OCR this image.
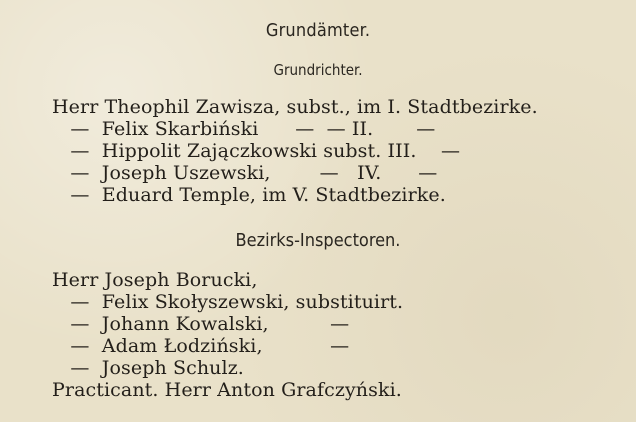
Grundämter.
Grundrichter.
Herr Theophil Zawisza, subst., im I. Stadtbezirke.
—  Felix Skarbiński      —  — II.       —
—  Hippolit Zajączkowski subst. III.    —
—  Joseph Uszewski,        —   IV.      —
—  Eduard Temple, im V. Stadtbezirke.
Bezirks-Inspectoren.
Herr Joseph Borucki,
—  Felix Skołyszewski, substituirt.
—  Johann Kowalski,          —
—  Adam Łodziński,           —
—  Joseph Schulz.
Practicant. Herr Anton Grafczyński.
